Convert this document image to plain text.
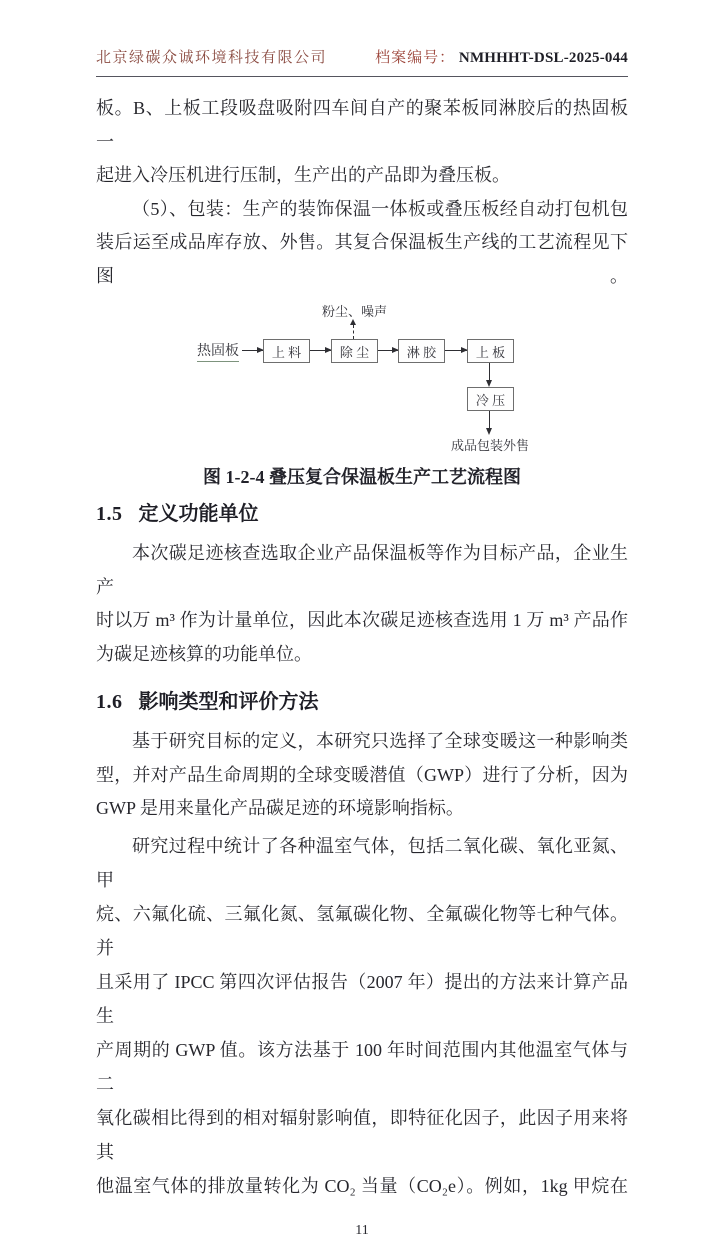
北京绿碳众诚环境科技有限公司	档案编号： NMHHHT-DSL-2025-044
板。B、上板工段吸盘吸附四车间自产的聚苯板同淋胶后的热固板一
起进入冷压机进行压制，生产出的产品即为叠压板。
（5）、包装：生产的装饰保温一体板或叠压板经自动打包机包
装后运至成品库存放、外售。其复合保温板生产线的工艺流程见下图。
热固板
粉尘、噪声
上 料	除 尘	淋 胶	上 板
冷 压
成品包装外售
图 1-2-4 叠压复合保温板生产工艺流程图
1.5 定义功能单位
本次碳足迹核查选取企业产品保温板等作为目标产品，企业生产
时以万 m³ 作为计量单位，因此本次碳足迹核查选用 1 万 m³ 产品作
为碳足迹核算的功能单位。
1.6 影响类型和评价方法
基于研究目标的定义，本研究只选择了全球变暖这一种影响类
型，并对产品生命周期的全球变暖潜值（GWP）进行了分析，因为
GWP 是用来量化产品碳足迹的环境影响指标。
研究过程中统计了各种温室气体，包括二氧化碳、氧化亚氮、甲
烷、六氟化硫、三氟化氮、氢氟碳化物、全氟碳化物等七种气体。并
且采用了 IPCC 第四次评估报告（2007 年）提出的方法来计算产品生
产周期的 GWP 值。该方法基于 100 年时间范围内其他温室气体与二
氧化碳相比得到的相对辐射影响值，即特征化因子，此因子用来将其
他温室气体的排放量转化为 CO₂ 当量（CO₂e）。例如，1kg 甲烷在
11
